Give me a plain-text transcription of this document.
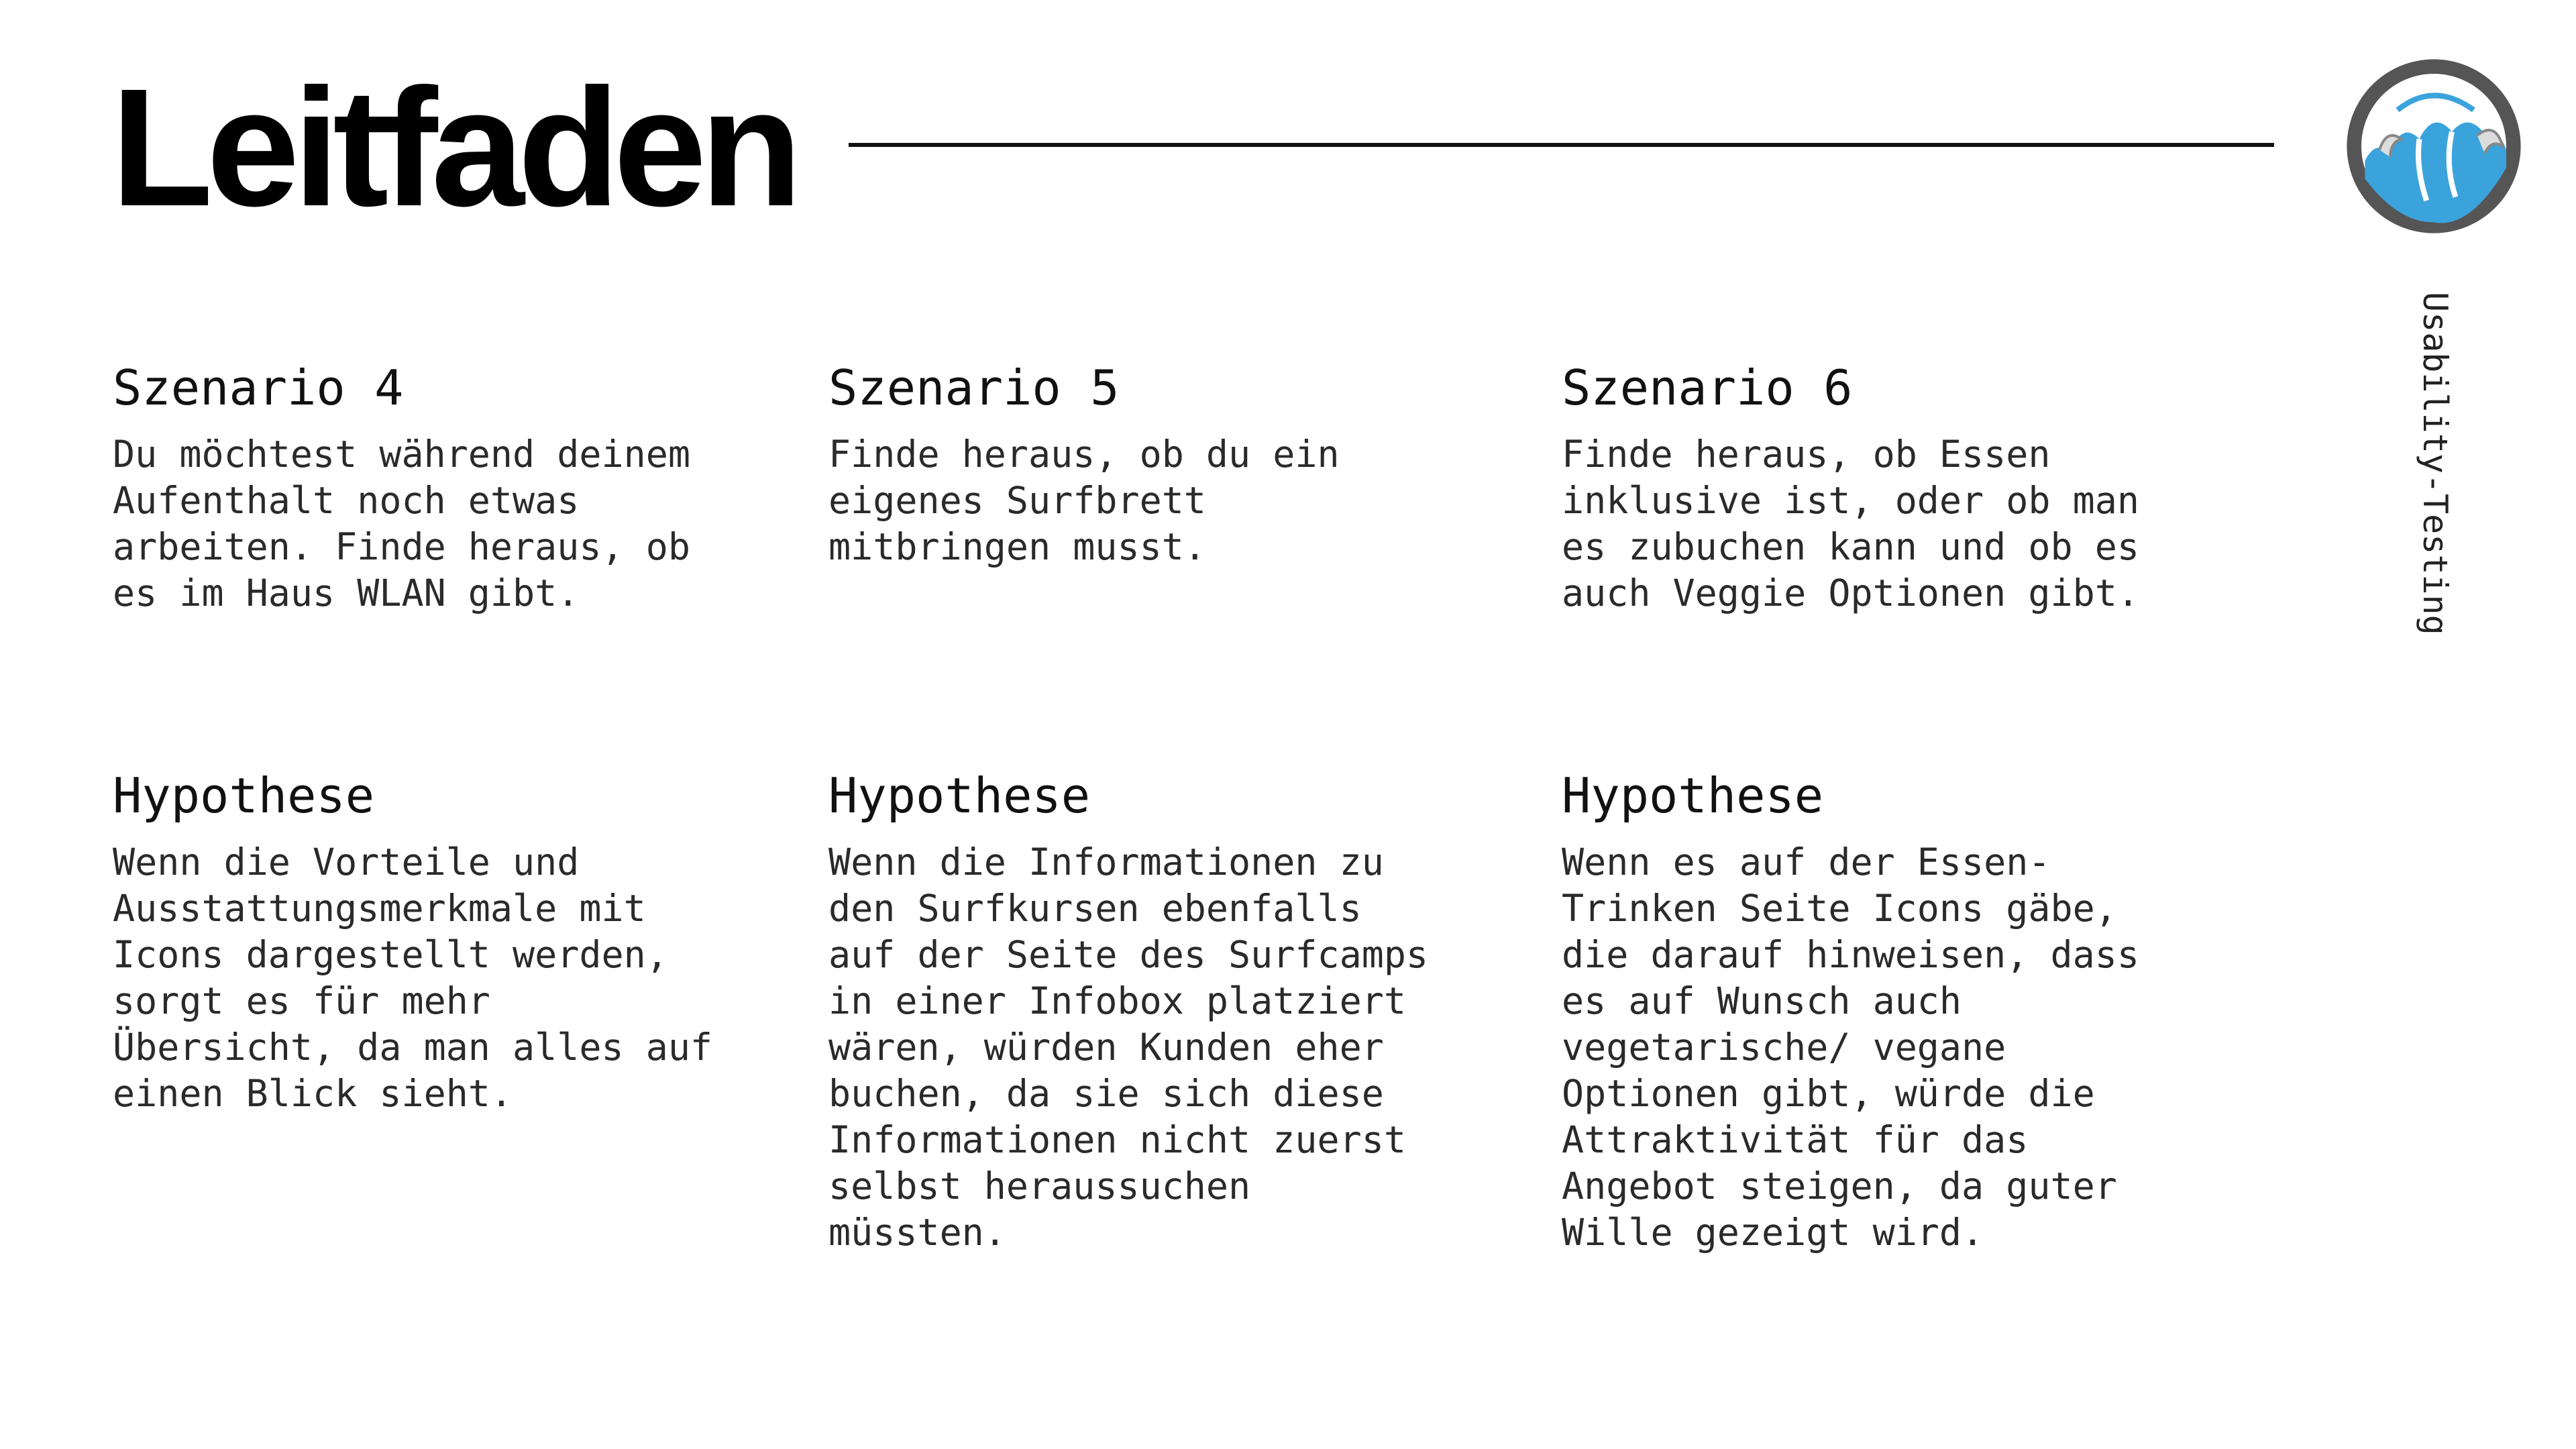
Leitfaden
Usability-Testing
Szenario 4

Du möchtest während deinem
Aufenthalt noch etwas
arbeiten. Finde heraus, ob
es im Haus WLAN gibt.

Szenario 5

Finde heraus, ob du ein
eigenes Surfbrett
mitbringen musst.

Szenario 6

Finde heraus, ob Essen
inklusive ist, oder ob man
es zubuchen kann und ob es
auch Veggie Optionen gibt.

Hypothese

Wenn die Vorteile und
Ausstattungsmerkmale mit
Icons dargestellt werden,
sorgt es für mehr
Übersicht, da man alles auf
einen Blick sieht.

Hypothese

Wenn die Informationen zu
den Surfkursen ebenfalls
auf der Seite des Surfcamps
in einer Infobox platziert
wären, würden Kunden eher
buchen, da sie sich diese
Informationen nicht zuerst
selbst heraussuchen
müssten.

Hypothese

Wenn es auf der Essen-
Trinken Seite Icons gäbe,
die darauf hinweisen, dass
es auf Wunsch auch
vegetarische/ vegane
Optionen gibt, würde die
Attraktivität für das
Angebot steigen, da guter
Wille gezeigt wird.
